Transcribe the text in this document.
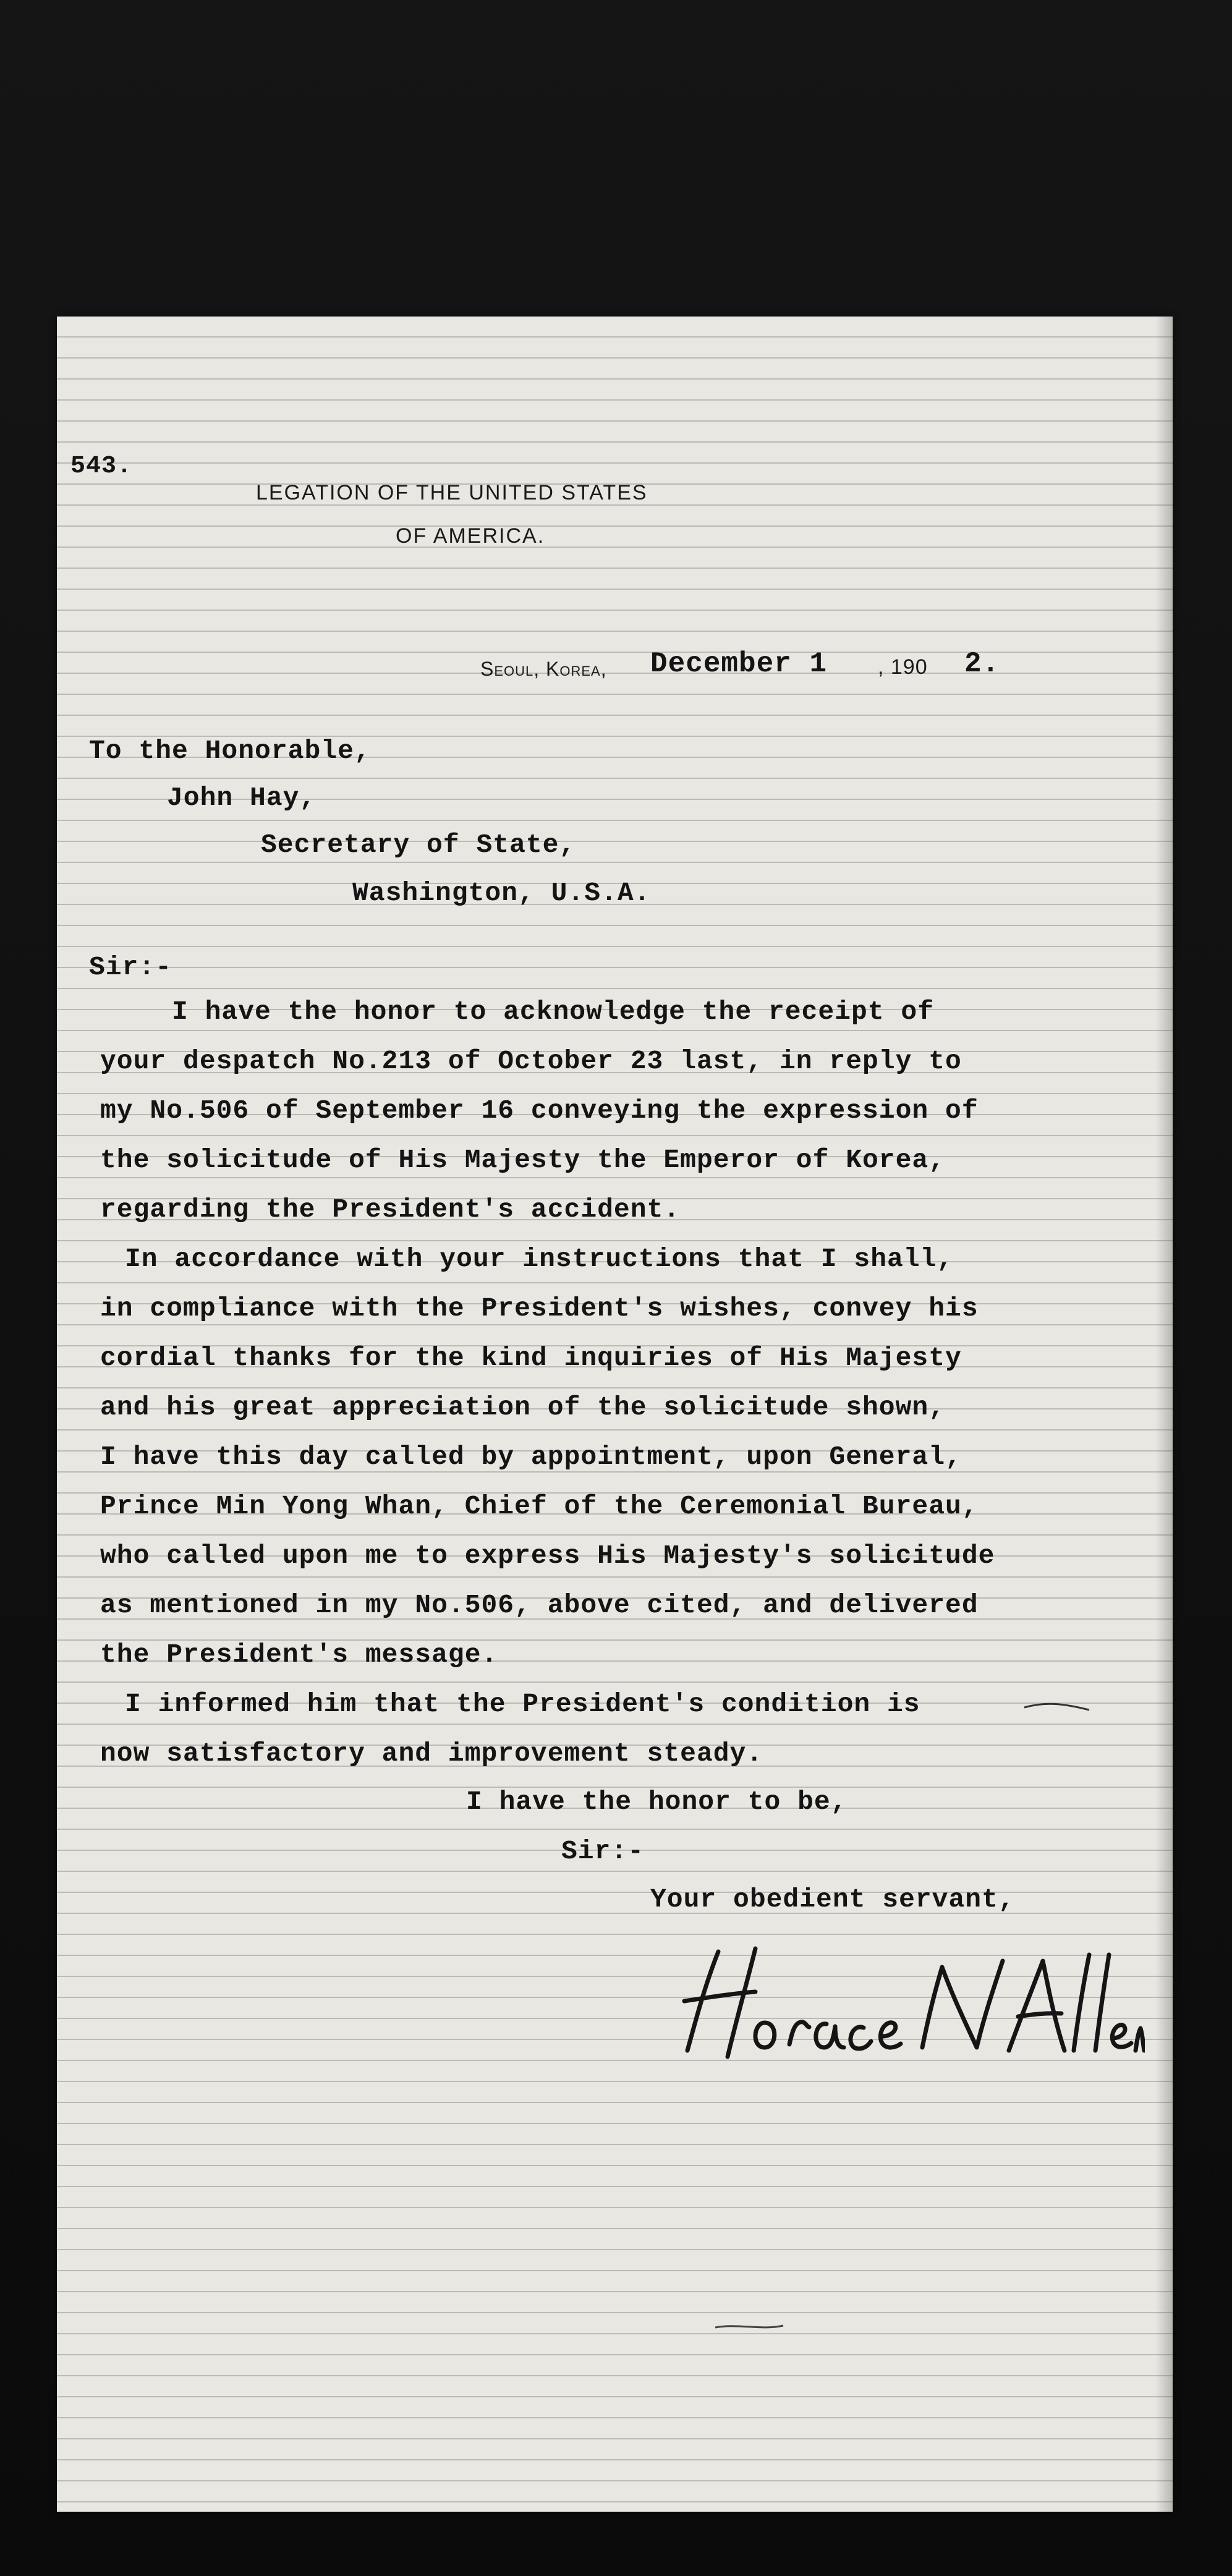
543.
LEGATION OF THE UNITED STATES
OF AMERICA.
Seoul, Korea, December 1 , 190 2.
To the Honorable,
John Hay,
Secretary of State,
Washington, U.S.A.
Sir:-
I have the honor to acknowledge the receipt of
your despatch No.213 of October 23 last, in reply to
my No.506 of September 16 conveying the expression of
the solicitude of His Majesty the Emperor of Korea,
regarding the President's accident.
In accordance with your instructions that I shall,
in compliance with the President's wishes, convey his
cordial thanks for the kind inquiries of His Majesty
and his great appreciation of the solicitude shown,
I have this day called by appointment, upon General,
Prince Min Yong Whan, Chief of the Ceremonial Bureau,
who called upon me to express His Majesty's solicitude
as mentioned in my No.506, above cited, and delivered
the President's message.
I informed him that the President's condition is
now satisfactory and improvement steady.
I have the honor to be,
Sir:-
Your obedient servant,
